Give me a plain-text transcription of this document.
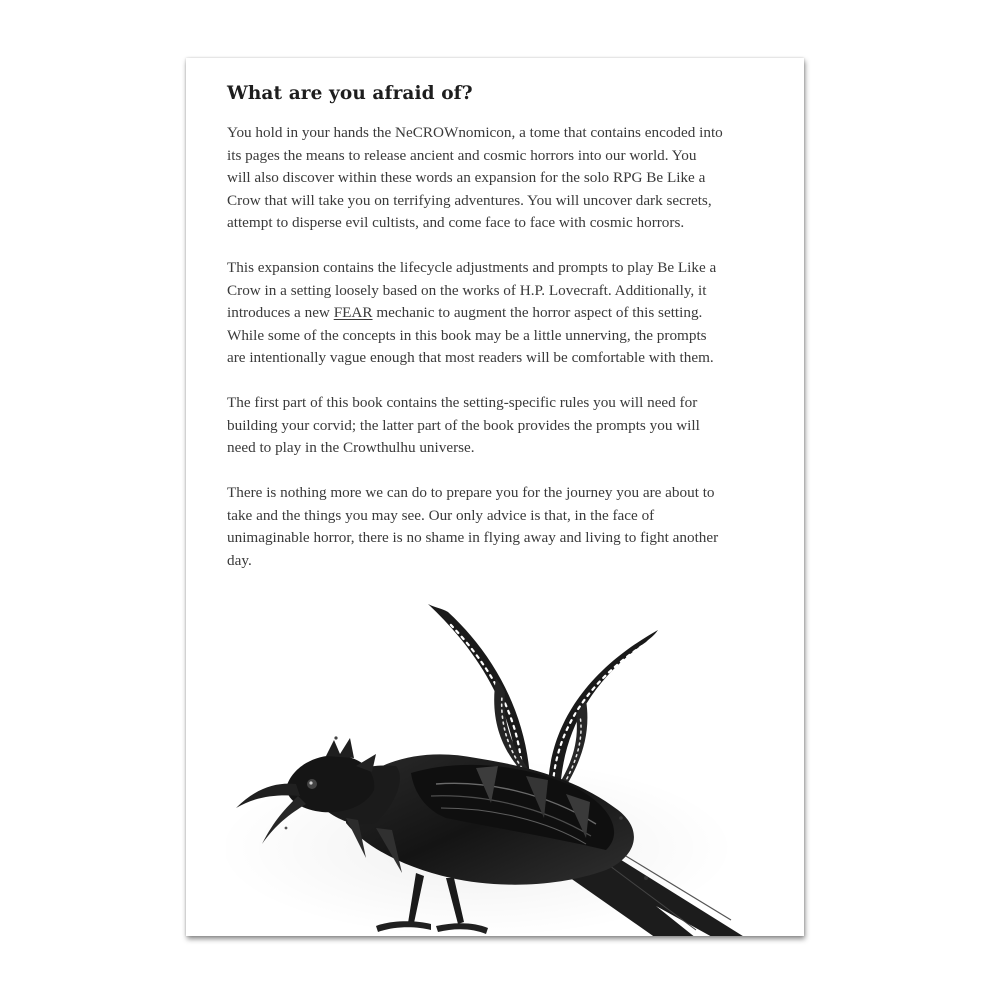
What are you afraid of?

You hold in your hands the NeCROWnomicon, a tome that contains encoded into
its pages the means to release ancient and cosmic horrors into our world. You
will also discover within these words an expansion for the solo RPG Be Like a
Crow that will take you on terrifying adventures. You will uncover dark secrets,
attempt to disperse evil cultists, and come face to face with cosmic horrors.

This expansion contains the lifecycle adjustments and prompts to play Be Like a
Crow in a setting loosely based on the works of H.P. Lovecraft. Additionally, it
introduces a new FEAR mechanic to augment the horror aspect of this setting.
While some of the concepts in this book may be a little unnerving, the prompts
are intentionally vague enough that most readers will be comfortable with them.

The first part of this book contains the setting-specific rules you will need for
building your corvid; the latter part of the book provides the prompts you will
need to play in the Crowthulhu universe.

There is nothing more we can do to prepare you for the journey you are about to
take and the things you may see. Our only advice is that, in the face of
unimaginable horror, there is no shame in flying away and living to fight another
day.
